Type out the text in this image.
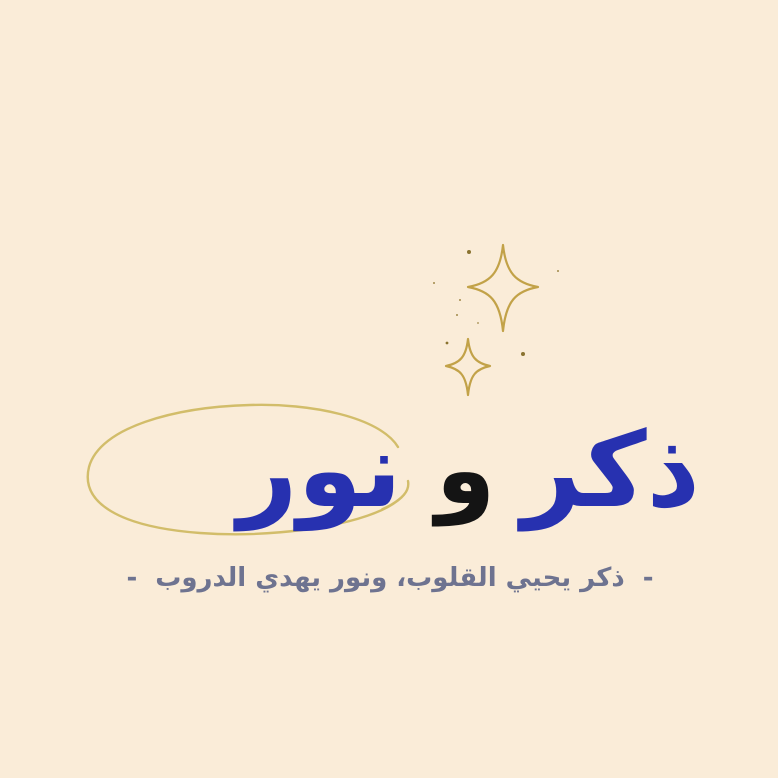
ذكر
و
نور
-
ذكر يحيي القلوب، ونور يهدي الدروب
-
